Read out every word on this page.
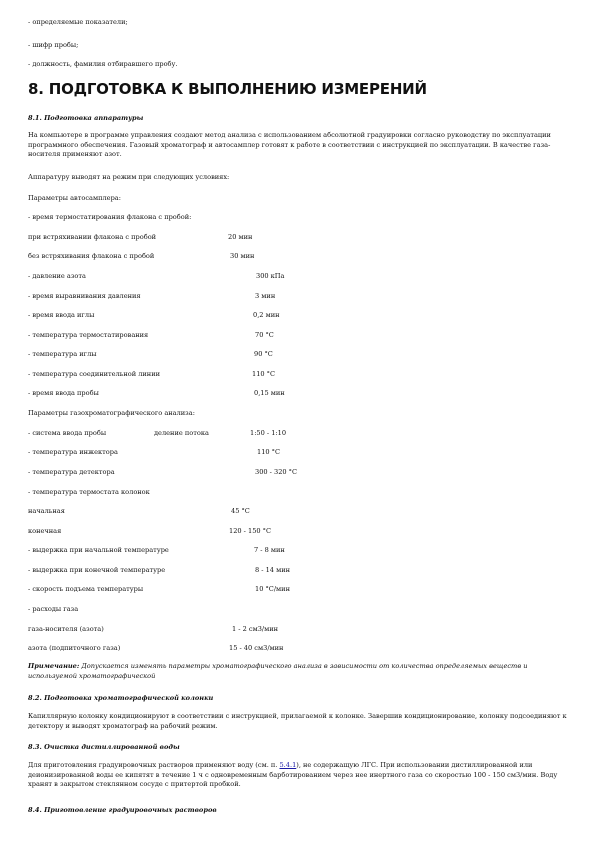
- определяемые показатели;
- шифр пробы;
- должность, фамилия отбиравшего пробу.
8. ПОДГОТОВКА К ВЫПОЛНЕНИЮ ИЗМЕРЕНИЙ
8.1. Подготовка аппаратуры
На компьютере в программе управления создают метод анализа с использованием абсолютной градуировки согласно руководству по эксплуатации программного обеспечения. Газовый хроматограф и автосамплер готовят к работе в соответствии с инструкцией по эксплуатации. В качестве газа-носителя применяют азот.
Аппаратуру выводят на режим при следующих условиях:
Параметры автосамплера:
- время термостатирования флакона с пробой:
при встряхивании флакона с пробой	20 мин
без встряхивания флакона с пробой	30 мин
- давление азота	300 кПа
- время выравнивания давления	3 мин
- время ввода иглы	0,2 мин
- температура термостатирования	70 °С
- температура иглы	90 °С
- температура соединительной линии	110 °С
- время ввода пробы	0,15 мин
Параметры газохроматографического анализа:
- система ввода пробы	деление потока	1:50 - 1:10
- температура инжектора	110 °С
- температура детектора	300 - 320 °С
- температура термостата колонок
начальная	45 °С
конечная	120 - 150 °С
- выдержка при начальной температуре	7 - 8 мин
- выдержка при конечной температуре	8 - 14 мин
- скорость подъема температуры	10 °С/мин
- расходы газа
газа-носителя (азота)	1 - 2 см3/мин
азота (подпиточного газа)	15 - 40 см3/мин
Примечание: Допускается изменять параметры хроматографического анализа в зависимости от количества определяемых веществ и используемой хроматографической
8.2. Подготовка хроматографической колонки
Капиллярную колонку кондиционируют в соответствии с инструкцией, прилагаемой к колонке. Завершив кондиционирование, колонку подсоединяют к детектору и выводят хроматограф на рабочий режим.
8.3. Очистка дистиллированной воды
Для приготовления градуировочных растворов применяют воду (см. п. 5.4.1), не содержащую ЛГС. При использовании дистиллированной или деионизированной воды ее кипятят в течение 1 ч с одновременным барботированием через нее инертного газа со скоростью 100 - 150 см3/мин. Воду хранят в закрытом стеклянном сосуде с притертой пробкой.
8.4. Приготовление градуировочных растворов
